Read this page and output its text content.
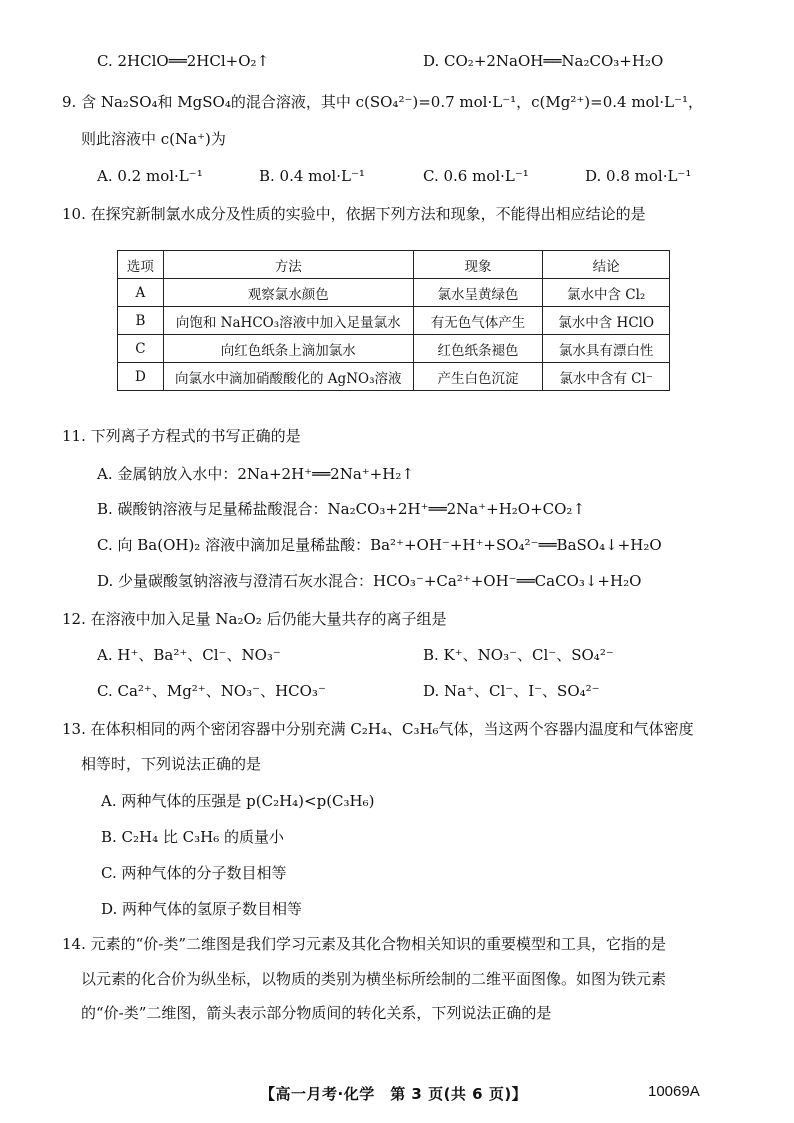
C. 2HClO══2HCl+O₂↑	D. CO₂+2NaOH══Na₂CO₃+H₂O
9. 含 Na₂SO₄和 MgSO₄的混合溶液，其中 c(SO₄²⁻)=0.7 mol·L⁻¹，c(Mg²⁺)=0.4 mol·L⁻¹，
则此溶液中 c(Na⁺)为
A. 0.2 mol·L⁻¹	B. 0.4 mol·L⁻¹	C. 0.6 mol·L⁻¹	D. 0.8 mol·L⁻¹
10. 在探究新制氯水成分及性质的实验中，依据下列方法和现象，不能得出相应结论的是
选项	方法	现象	结论
A	观察氯水颜色	氯水呈黄绿色	氯水中含 Cl₂
B	向饱和 NaHCO₃溶液中加入足量氯水	有无色气体产生	氯水中含 HClO
C	向红色纸条上滴加氯水	红色纸条褪色	氯水具有漂白性
D	向氯水中滴加硝酸酸化的 AgNO₃溶液	产生白色沉淀	氯水中含有 Cl⁻
11. 下列离子方程式的书写正确的是
A. 金属钠放入水中：2Na+2H⁺══2Na⁺+H₂↑
B. 碳酸钠溶液与足量稀盐酸混合：Na₂CO₃+2H⁺══2Na⁺+H₂O+CO₂↑
C. 向 Ba(OH)₂ 溶液中滴加足量稀盐酸：Ba²⁺+OH⁻+H⁺+SO₄²⁻══BaSO₄↓+H₂O
D. 少量碳酸氢钠溶液与澄清石灰水混合：HCO₃⁻+Ca²⁺+OH⁻══CaCO₃↓+H₂O
12. 在溶液中加入足量 Na₂O₂ 后仍能大量共存的离子组是
A. H⁺、Ba²⁺、Cl⁻、NO₃⁻	B. K⁺、NO₃⁻、Cl⁻、SO₄²⁻
C. Ca²⁺、Mg²⁺、NO₃⁻、HCO₃⁻	D. Na⁺、Cl⁻、I⁻、SO₄²⁻
13. 在体积相同的两个密闭容器中分别充满 C₂H₄、C₃H₆气体，当这两个容器内温度和气体密度
相等时，下列说法正确的是
A. 两种气体的压强是 p(C₂H₄)<p(C₃H₆)
B. C₂H₄ 比 C₃H₆ 的质量小
C. 两种气体的分子数目相等
D. 两种气体的氢原子数目相等
14. 元素的“价-类”二维图是我们学习元素及其化合物相关知识的重要模型和工具，它指的是
以元素的化合价为纵坐标，以物质的类别为横坐标所绘制的二维平面图像。如图为铁元素
的“价-类”二维图，箭头表示部分物质间的转化关系，下列说法正确的是
【高一月考·化学　第 3 页(共 6 页)】	10069A
